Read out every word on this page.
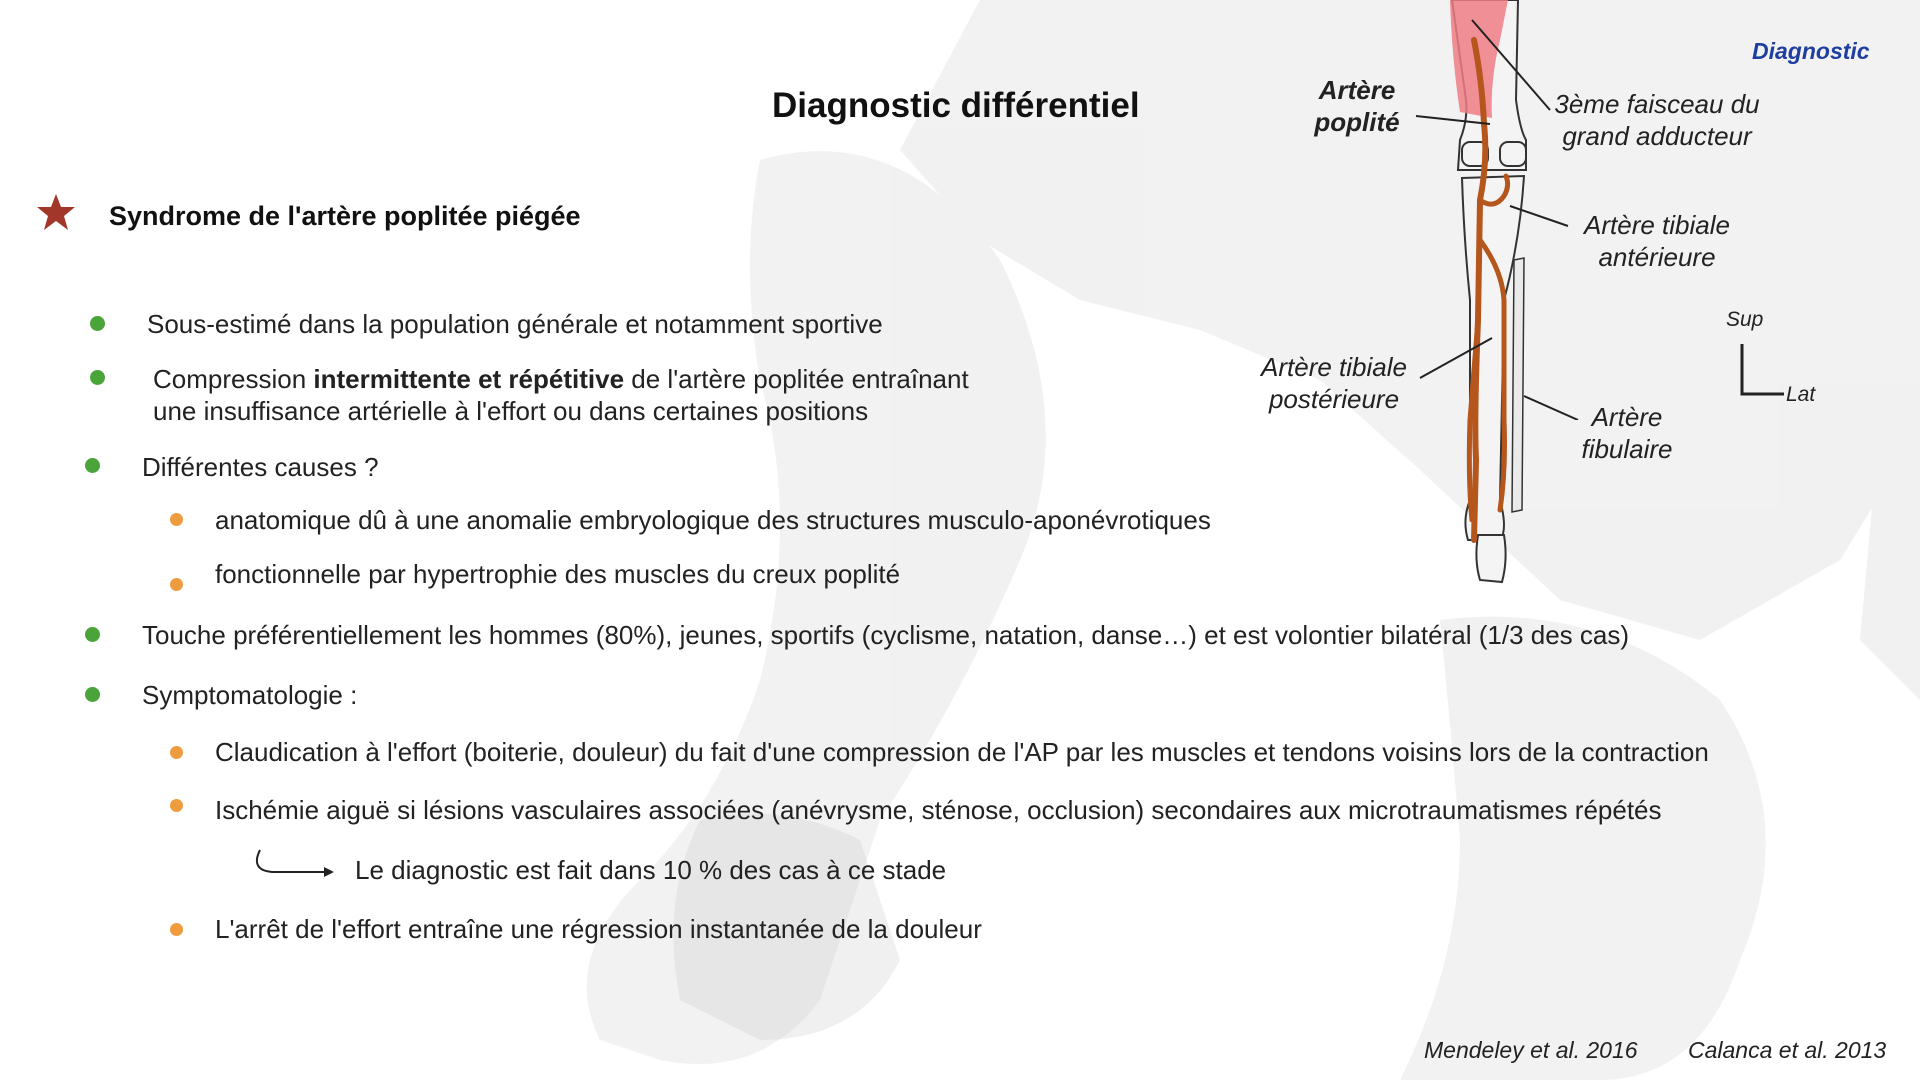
Diagnostic
Diagnostic différentiel
Syndrome de l'artère poplitée piégée
Sous-estimé dans la population générale et notamment sportive
Compression intermittente et répétitive de l'artère poplitée entraînant
une insuffisance artérielle à l'effort ou dans certaines positions
Différentes causes ?
anatomique dû à une anomalie embryologique des structures musculo-aponévrotiques
fonctionnelle par hypertrophie des muscles du creux poplité
Touche préférentiellement les hommes (80%), jeunes, sportifs (cyclisme, natation, danse…) et est volontier bilatéral (1/3 des cas)
Symptomatologie :
Claudication à l'effort (boiterie, douleur) du fait d'une compression de l'AP par les muscles et tendons voisins lors de la contraction
Ischémie aiguë si lésions vasculaires associées (anévrysme, sténose, occlusion) secondaires aux microtraumatismes répétés
Le diagnostic est fait dans 10 % des cas à ce stade
L'arrêt de l'effort entraîne une régression instantanée de la douleur
Artère
poplité
3ème faisceau du
grand adducteur
Artère tibiale
antérieure
Artère tibiale
postérieure
Artère
fibulaire
Sup
Lat
Mendeley et al. 2016 Calanca et al. 2013
